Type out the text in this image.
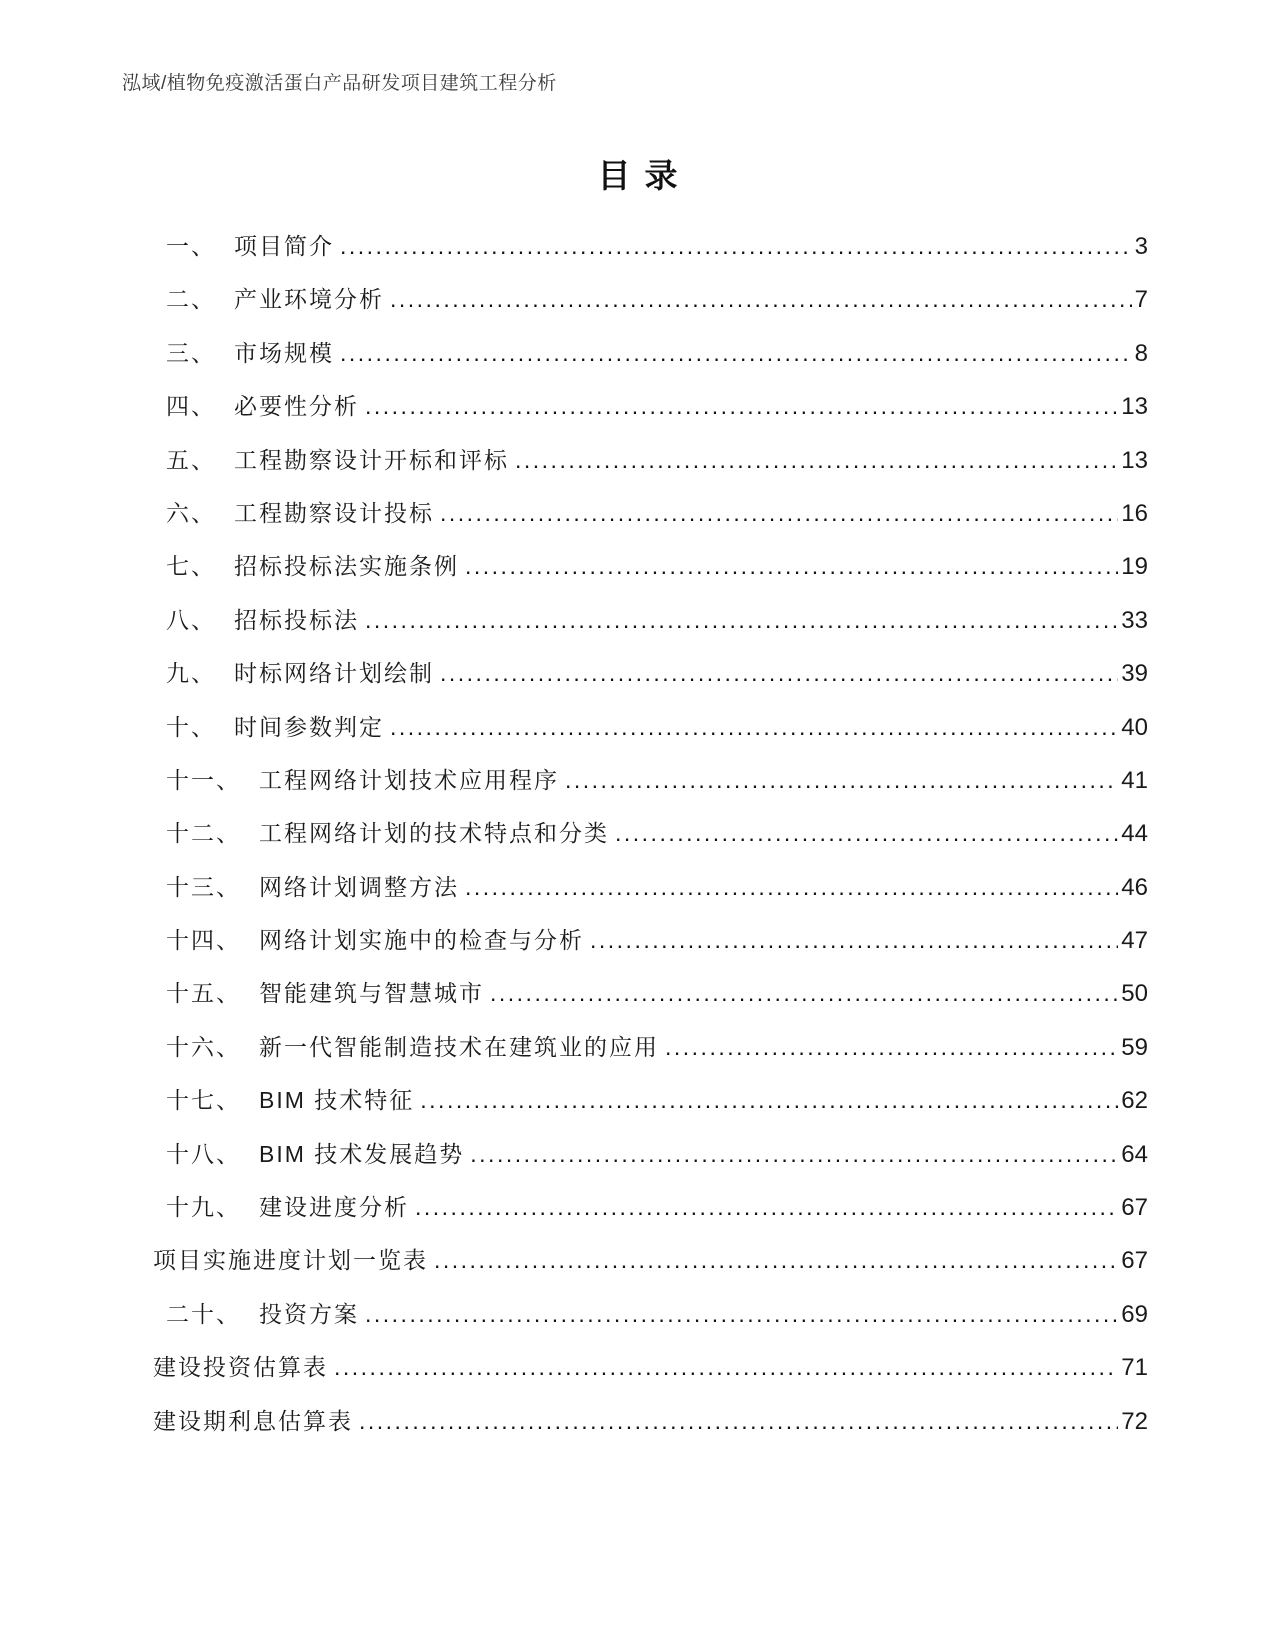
泓域/植物免疫激活蛋白产品研发项目建筑工程分析
目录
一、 项目简介 .....	3
二、 产业环境分析 .....	7
三、 市场规模 .....	8
四、 必要性分析 .....	13
五、 工程勘察设计开标和评标 .....	13
六、 工程勘察设计投标 .....	16
七、 招标投标法实施条例 .....	19
八、 招标投标法 .....	33
九、 时标网络计划绘制 .....	39
十、 时间参数判定 .....	40
十一、 工程网络计划技术应用程序 .....	41
十二、 工程网络计划的技术特点和分类 .....	44
十三、 网络计划调整方法 .....	46
十四、 网络计划实施中的检查与分析 .....	47
十五、 智能建筑与智慧城市 .....	50
十六、 新一代智能制造技术在建筑业的应用 .....	59
十七、 BIM 技术特征 .....	62
十八、 BIM 技术发展趋势 .....	64
十九、 建设进度分析 .....	67
项目实施进度计划一览表 .....	67
二十、 投资方案 .....	69
建设投资估算表 .....	71
建设期利息估算表 .....	72
